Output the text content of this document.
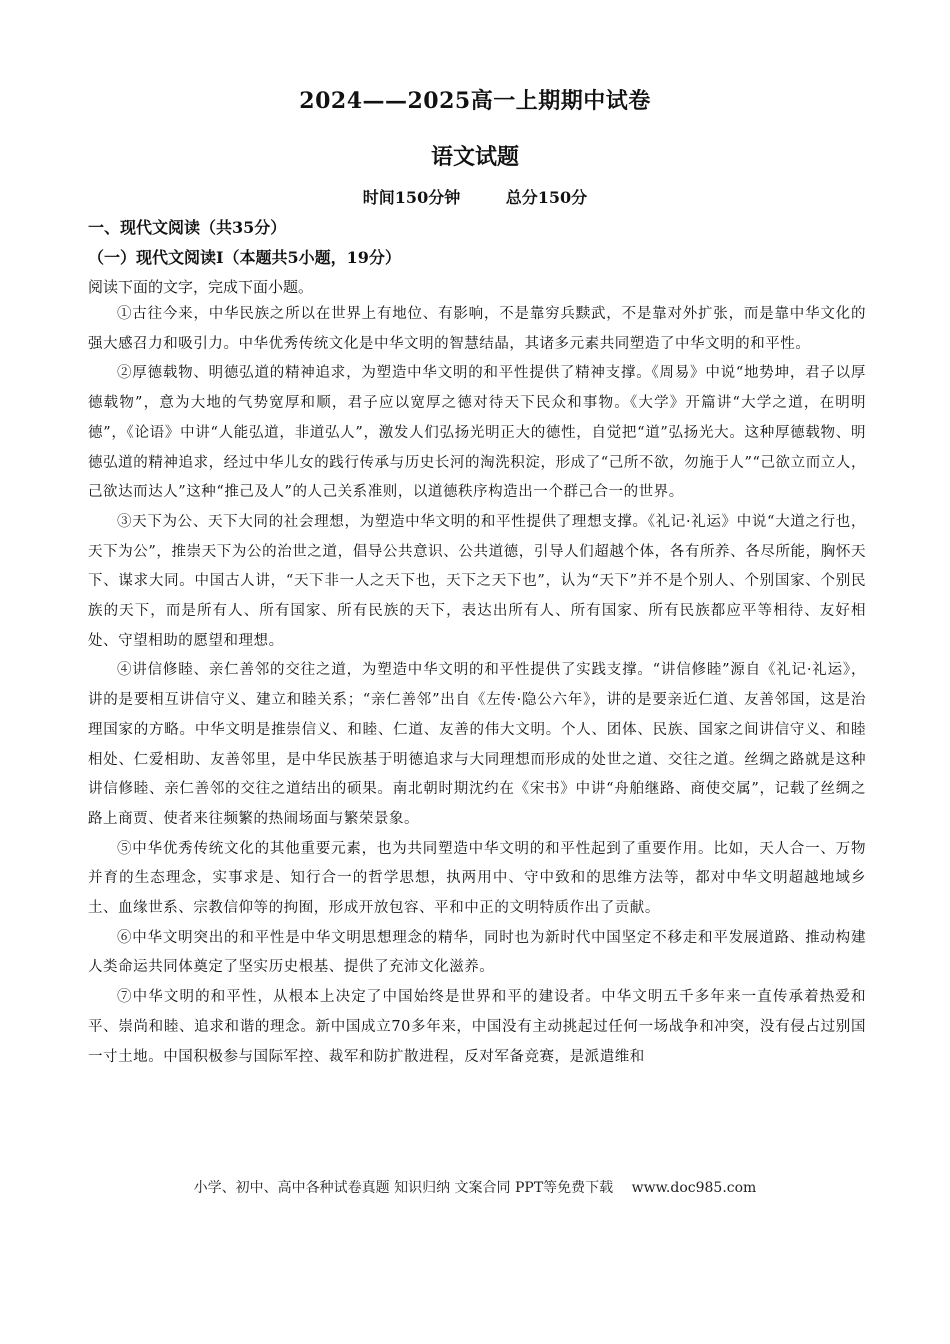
2024——2025高一上期期中试卷
语文试题
时间150分钟	总分150分
一、现代文阅读（共35分）
（一）现代文阅读Ⅰ（本题共5小题，19分）
阅读下面的文字，完成下面小题。

①古往今来，中华民族之所以在世界上有地位、有影响，不是靠穷兵黩武，不是靠对外扩张，而是靠中华文化的强大感召力和吸引力。中华优秀传统文化是中华文明的智慧结晶，其诸多元素共同塑造了中华文明的和平性。

②厚德载物、明德弘道的精神追求，为塑造中华文明的和平性提供了精神支撑。《周易》中说“地势坤，君子以厚德载物”，意为大地的气势宽厚和顺，君子应以宽厚之德对待天下民众和事物。《大学》开篇讲“大学之道，在明明德”，《论语》中讲“人能弘道，非道弘人”，激发人们弘扬光明正大的德性，自觉把“道”弘扬光大。这种厚德载物、明德弘道的精神追求，经过中华儿女的践行传承与历史长河的淘洗积淀，形成了“己所不欲，勿施于人”“己欲立而立人，己欲达而达人”这种“推己及人”的人己关系准则，以道德秩序构造出一个群己合一的世界。

③天下为公、天下大同的社会理想，为塑造中华文明的和平性提供了理想支撑。《礼记·礼运》中说“大道之行也，天下为公”，推崇天下为公的治世之道，倡导公共意识、公共道德，引导人们超越个体，各有所养、各尽所能，胸怀天下、谋求大同。中国古人讲，“天下非一人之天下也，天下之天下也”，认为“天下”并不是个别人、个别国家、个别民族的天下，而是所有人、所有国家、所有民族的天下，表达出所有人、所有国家、所有民族都应平等相待、友好相处、守望相助的愿望和理想。

④讲信修睦、亲仁善邻的交往之道，为塑造中华文明的和平性提供了实践支撑。“讲信修睦”源自《礼记·礼运》，讲的是要相互讲信守义、建立和睦关系；“亲仁善邻”出自《左传·隐公六年》，讲的是要亲近仁道、友善邻国，这是治理国家的方略。中华文明是推崇信义、和睦、仁道、友善的伟大文明。个人、团体、民族、国家之间讲信守义、和睦相处、仁爱相助、友善邻里，是中华民族基于明德追求与大同理想而形成的处世之道、交往之道。丝绸之路就是这种讲信修睦、亲仁善邻的交往之道结出的硕果。南北朝时期沈约在《宋书》中讲“舟舶继路、商使交属”，记载了丝绸之路上商贾、使者来往频繁的热闹场面与繁荣景象。

⑤中华优秀传统文化的其他重要元素，也为共同塑造中华文明的和平性起到了重要作用。比如，天人合一、万物并育的生态理念，实事求是、知行合一的哲学思想，执两用中、守中致和的思维方法等，都对中华文明超越地域乡土、血缘世系、宗教信仰等的拘囿，形成开放包容、平和中正的文明特质作出了贡献。

⑥中华文明突出的和平性是中华文明思想理念的精华，同时也为新时代中国坚定不移走和平发展道路、推动构建人类命运共同体奠定了坚实历史根基、提供了充沛文化滋养。

⑦中华文明的和平性，从根本上决定了中国始终是世界和平的建设者。中华文明五千多年来一直传承着热爱和平、崇尚和睦、追求和谐的理念。新中国成立70多年来，中国没有主动挑起过任何一场战争和冲突，没有侵占过别国一寸土地。中国积极参与国际军控、裁军和防扩散进程，反对军备竞赛，是派遣维和

小学、初中、高中各种试卷真题 知识归纳 文案合同 PPT等免费下载 www.doc985.com
